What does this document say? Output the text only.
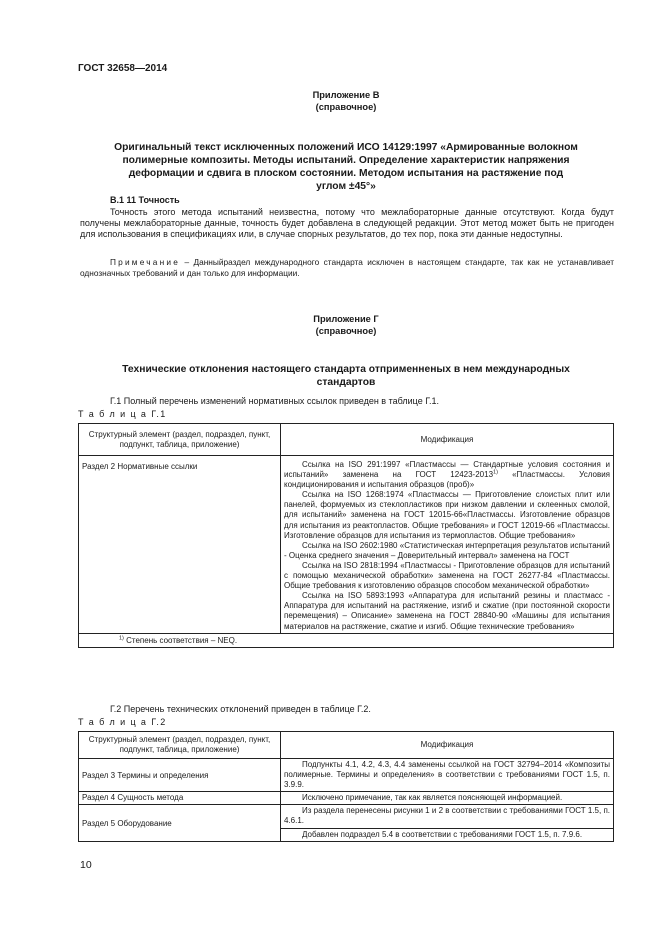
ГОСТ 32658—2014
Приложение В
(справочное)
Оригинальный текст исключенных положений ИСО 14129:1997 «Армированные волокном
полимерные композиты. Методы испытаний. Определение характеристик напряжения
деформации и сдвига в плоском состоянии. Методом испытания на растяжение под
углом ±45°»
В.1 11 Точность
Точность этого метода испытаний неизвестна, потому что межлабораторные данные отсутствуют. Когда будут получены межлабораторные данные, точность будет добавлена в следующей редакции. Этот метод может быть не пригоден для использования в спецификациях или, в случае спорных результатов, до тех пор, пока эти данные недоступны.
Примечание – Данныйраздел международного стандарта исключен в настоящем стандарте, так как не устанавливает однозначных требований и дан только для информации.
Приложение Г
(справочное)
Технические отклонения настоящего стандарта отприменненых в нем международных
стандартов
Г.1 Полный перечень изменений нормативных ссылок приведен в таблице Г.1.
Т а б л и ц а Г.1
Структурный элемент (раздел, подраздел, пункт, подпункт, таблица, приложение)	Модификация
Раздел 2 Нормативные ссылки	Ссылка на ISO 291:1997 «Пластмассы — Стандартные условия состояния и испытаний» заменена на ГОСТ 12423-2013$^{1)}$ «Пластмассы. Условия кондиционирования и испытания образцов (проб)»
Ссылка на ISO 1268:1974 «Пластмассы — Приготовление слоистых плит или панелей, формуемых из стеклопластиков при низком давлении и склеенных смолой, для испытаний» заменена на ГОСТ 12015-66«Пластмассы. Изготовление образцов для испытания из реактопластов. Общие требования» и ГОСТ 12019-66 «Пластмассы. Изготовление образцов для испытания из термопластов. Общие требования»
Ссылка на ISO 2602:1980 «Статистическая интерпретация результатов испытаний - Оценка среднего значения – Доверительный интервал» заменена на ГОСТ
Ссылка на ISO 2818:1994 «Пластмассы - Приготовление образцов для испытаний с помощью механической обработки» заменена на ГОСТ 26277-84 «Пластмассы. Общие требования к изготовлению образцов способом механической обработки»
Ссылка на ISO 5893:1993 «Аппаратура для испытаний резины и пластмасс - Аппаратура для испытаний на растяжение, изгиб и сжатие (при постоянной скорости перемещения) – Описание» заменена на ГОСТ 28840-90 «Машины для испытания материалов на растяжение, сжатие и изгиб. Общие технические требования»

$^{1)}$ Степень соответствия – NEQ.	
Г.2 Перечень технических отклонений приведен в таблице Г.2.
Т а б л и ц а Г.2
Структурный элемент (раздел, подраздел, пункт, подпункт, таблица, приложение)	Модификация
Раздел 3 Термины и определения	Подпункты 4.1, 4.2, 4.3, 4.4 заменены ссылкой на ГОСТ 32794–2014 «Композиты полимерные. Термины и определения» в соответствии с требованиями ГОСТ 1.5, п. 3.9.9.

Раздел 4 Сущность метода	Исключено примечание, так как является поясняющей информацией.

Раздел 5 Оборудование	Из раздела перенесены рисунки 1 и 2 в соответствии с требованиями ГОСТ 1.5, п. 4.6.1.
Добавлен подраздел 5.4 в соответствии с требованиями ГОСТ 1.5, п. 7.9.6.
10
